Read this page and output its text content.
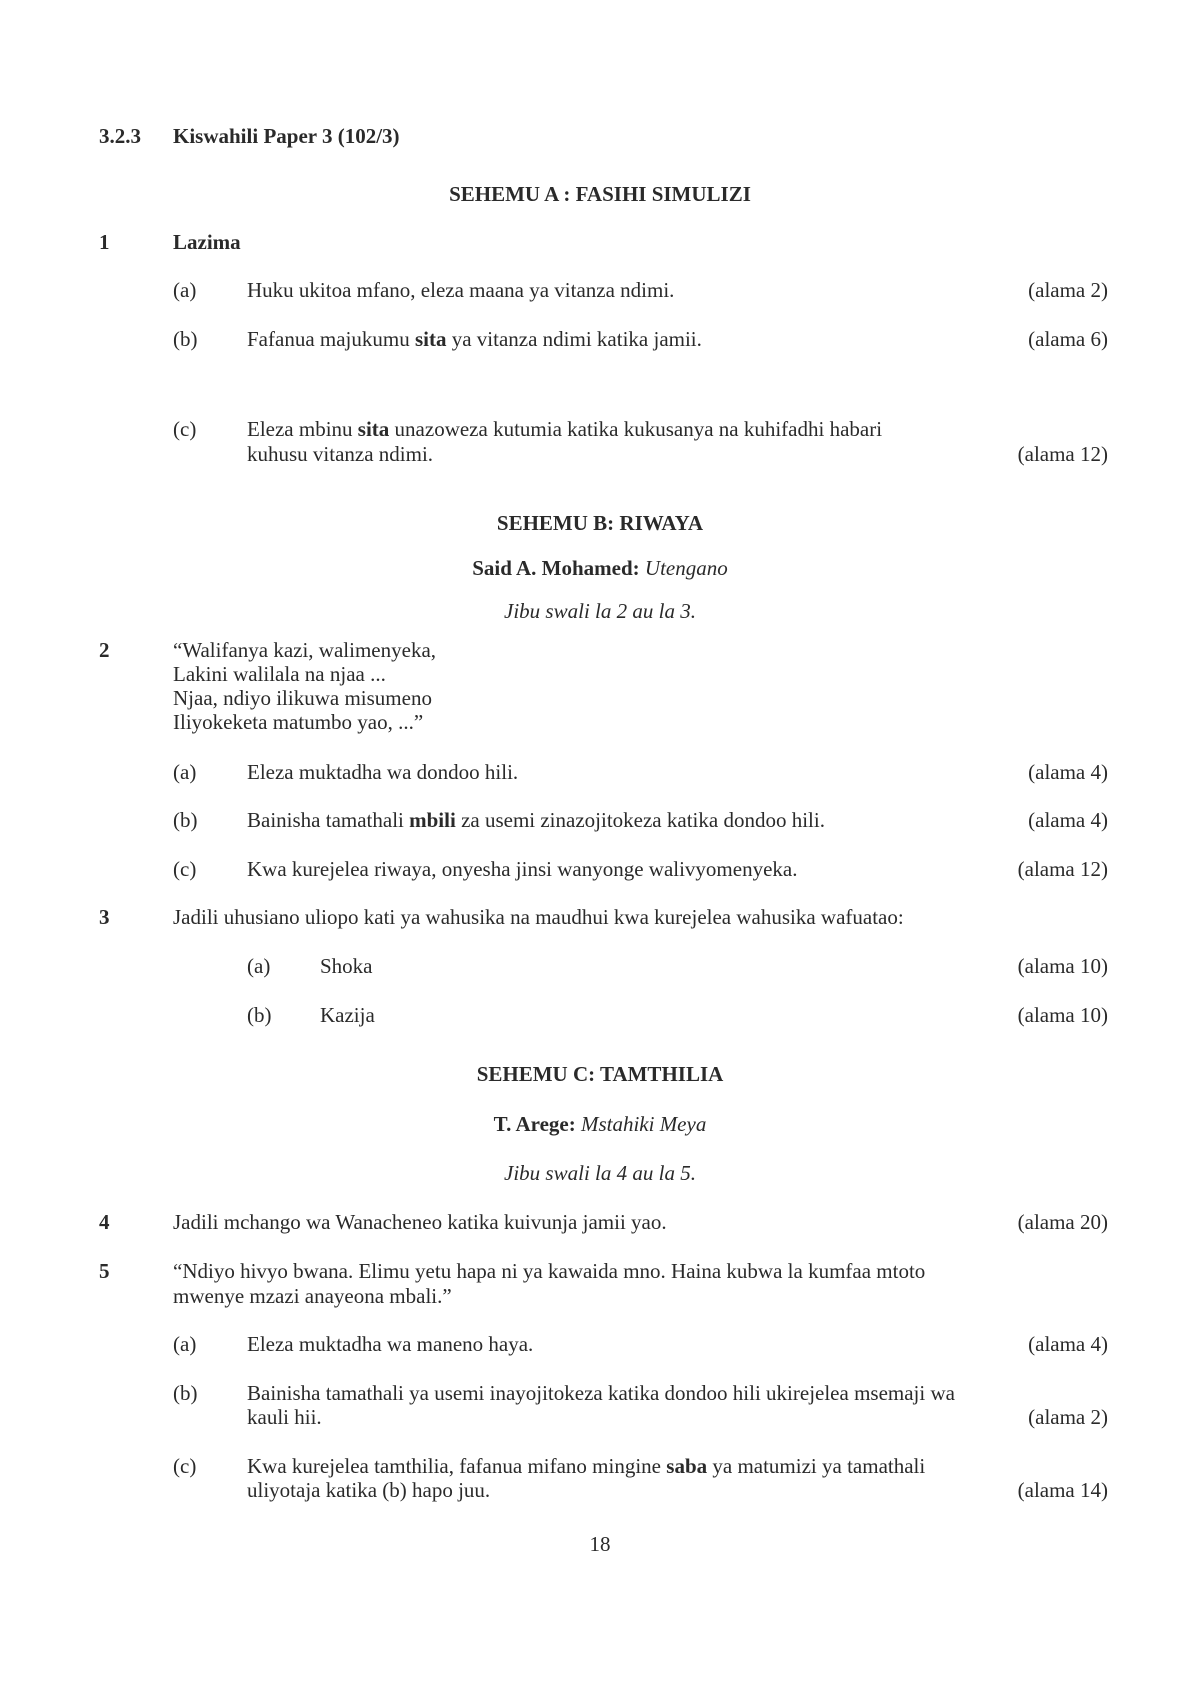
3.2.3 Kiswahili Paper 3 (102/3)
SEHEMU A : FASIHI SIMULIZI
1	Lazima
(a) Huku ukitoa mfano, eleza maana ya vitanza ndimi.	(alama 2)
(b) Fafanua majukumu sita ya vitanza ndimi katika jamii.	(alama 6)
(c) Eleza mbinu sita unazoweza kutumia katika kukusanya na kuhifadhi habari
kuhusu vitanza ndimi.	(alama 12)
SEHEMU B: RIWAYA
Said A. Mohamed: Utengano
Jibu swali la 2 au la 3.
2	“Walifanya kazi, walimenyeka,
Lakini walilala na njaa ...
Njaa, ndiyo ilikuwa misumeno
Iliyokeketa matumbo yao, ...”
(a) Eleza muktadha wa dondoo hili.	(alama 4)
(b) Bainisha tamathali mbili za usemi zinazojitokeza katika dondoo hili.	(alama 4)
(c) Kwa kurejelea riwaya, onyesha jinsi wanyonge walivyomenyeka.	(alama 12)
3	Jadili uhusiano uliopo kati ya wahusika na maudhui kwa kurejelea wahusika wafuatao:
(a) Shoka	(alama 10)
(b) Kazija	(alama 10)
SEHEMU C: TAMTHILIA
T. Arege: Mstahiki Meya
Jibu swali la 4 au la 5.
4	Jadili mchango wa Wanacheneo katika kuivunja jamii yao.	(alama 20)
5	“Ndiyo hivyo bwana. Elimu yetu hapa ni ya kawaida mno. Haina kubwa la kumfaa mtoto
mwenye mzazi anayeona mbali.”
(a) Eleza muktadha wa maneno haya.	(alama 4)
(b) Bainisha tamathali ya usemi inayojitokeza katika dondoo hili ukirejelea msemaji wa
kauli hii.	(alama 2)
(c) Kwa kurejelea tamthilia, fafanua mifano mingine saba ya matumizi ya tamathali
uliyotaja katika (b) hapo juu.	(alama 14)
18
